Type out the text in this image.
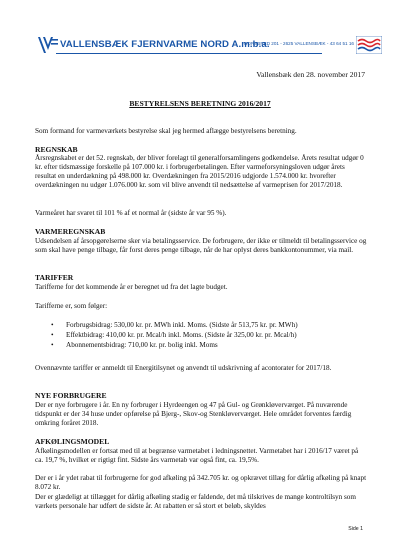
VALLENSBÆK FJERNVARME NORD A.m.b.a.
HORSBRED 201 - 2625 VALLENSBÆK - 43 64 51 16
Vallensbæk den 28. november 2017
BESTYRELSENS BERETNING 2016/2017

Som formand for varmeværkets bestyrelse skal jeg hermed aflægge bestyrelsens beretning.

REGNSKAB

Årsregnskabet er det 52. regnskab, der bliver forelagt til generalforsamlingens godkendelse. Årets resultat udgør 0 kr. efter tidsmæssige forskelle på 107.000 kr. i forbrugerbetalingen. Efter varmeforsyningsloven udgør årets resultat en underdækning på 498.000 kr. Overdækningen fra 2015/2016 udgjorde 1.574.000 kr. hvorefter overdækningen nu udgør 1.076.000 kr. som vil blive anvendt til nedsættelse af varmeprisen for 2017/2018.

Varmeåret har svaret til 101 % af et normal år (sidste år var 95 %).

VARMEREGNSKAB

Udsendelsen af årsopgørelserne sker via betalingsservice. De forbrugere, der ikke er tilmeldt til betalingsservice og som skal have penge tilbage, får forst deres penge tilbage, når de har oplyst deres bankkontonummer, via mail.

TARIFFER

Tarifferne for det kommende år er beregnet ud fra det lagte budget.

Tarifferne er, som følger:

• Forbrugsbidrag: 530,00 kr. pr. MWh inkl. Moms. (Sidste år 513,75 kr. pr. MWh)
• Effektbidrag: 410,00 kr. pr. Mcal/h inkl. Moms. (Sidste år 325,00 kr. pr. Mcal/h)
• Abonnementsbidrag: 710,00 kr. pr. bolig inkl. Moms

Ovennævnte tariffer er anmeldt til Energitilsynet og anvendt til udskrivning af acontorater for 2017/18.

NYE FORBRUGERE

Der er nye forbrugere i år. En ny forbruger i Hyrdeengen og 47 på Gul- og Grønkløverværget. På nuværende tidspunkt er der 34 huse under opførelse på Bjerg-, Skov-og Stenkløverværget. Hele området forventes færdig omkring foråret 2018.

AFKØLINGSMODEL

Afkølingsmodellen er fortsat med til at begrænse varmetabet i ledningsnettet. Varmetabet har i 2016/17 været på ca. 19,7 %, hvilket er rigtigt fint. Sidste års varmetab var også fint, ca. 19,5%.

Der er i år ydet rabat til forbrugerne for god afkøling på 342.705 kr. og opkrævet tillæg for dårlig afkøling på knapt 8.072 kr.

Der er glædeligt at tillægget for dårlig afkøling stadig er faldende, det må tilskrives de mange kontroltilsyn som værkets personale har udført de sidste år. At rabatten er så stort et beløb, skyldes

Side 1
